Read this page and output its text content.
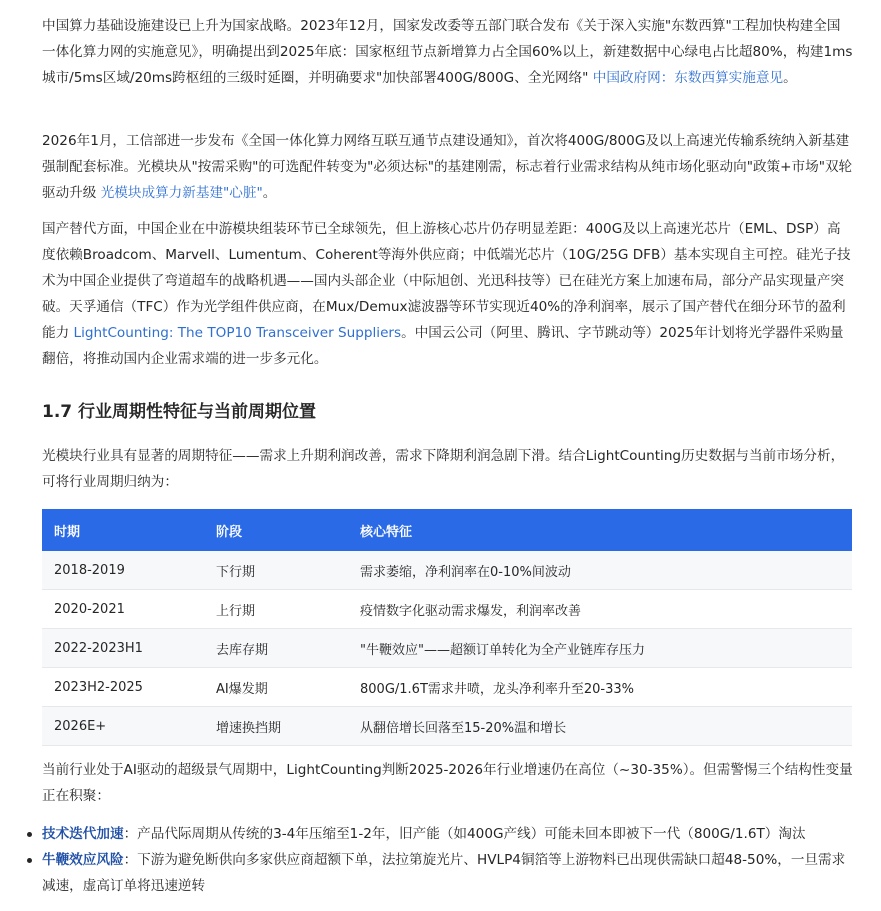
中国算力基础设施建设已上升为国家战略。2023年12月，国家发改委等五部门联合发布《关于深入实施"东数西算"工程加快构建全国一体化算力网的实施意见》，明确提出到2025年底：国家枢纽节点新增算力占全国60%以上，新建数据中心绿电占比超80%，构建1ms城市/5ms区域/20ms跨枢纽的三级时延圈，并明确要求"加快部署400G/800G、全光网络" 中国政府网：东数西算实施意见。

2026年1月，工信部进一步发布《全国一体化算力网络互联互通节点建设通知》，首次将400G/800G及以上高速光传输系统纳入新基建强制配套标准。光模块从"按需采购"的可选配件转变为"必须达标"的基建刚需，标志着行业需求结构从纯市场化驱动向"政策+市场"双轮驱动升级 光模块成算力新基建"心脏"。

国产替代方面，中国企业在中游模块组装环节已全球领先，但上游核心芯片仍存明显差距：400G及以上高速光芯片（EML、DSP）高度依赖Broadcom、Marvell、Lumentum、Coherent等海外供应商；中低端光芯片（10G/25G DFB）基本实现自主可控。硅光子技术为中国企业提供了弯道超车的战略机遇——国内头部企业（中际旭创、光迅科技等）已在硅光方案上加速布局，部分产品实现量产突破。天孚通信（TFC）作为光学组件供应商，在Mux/Demux滤波器等环节实现近40%的净利润率，展示了国产替代在细分环节的盈利能力 LightCounting: The TOP10 Transceiver Suppliers。中国云公司（阿里、腾讯、字节跳动等）2025年计划将光学器件采购量翻倍，将推动国内企业需求端的进一步多元化。

1.7 行业周期性特征与当前周期位置

光模块行业具有显著的周期特征——需求上升期利润改善，需求下降期利润急剧下滑。结合LightCounting历史数据与当前市场分析，可将行业周期归纳为：

时期	阶段	核心特征
2018-2019	下行期	需求萎缩，净利润率在0-10%间波动
2020-2021	上行期	疫情数字化驱动需求爆发，利润率改善
2022-2023H1	去库存期	"牛鞭效应"——超额订单转化为全产业链库存压力
2023H2-2025	AI爆发期	800G/1.6T需求井喷，龙头净利率升至20-33%
2026E+	增速换挡期	从翻倍增长回落至15-20%温和增长

当前行业处于AI驱动的超级景气周期中，LightCounting判断2025-2026年行业增速仍在高位（~30-35%）。但需警惕三个结构性变量正在积聚：

技术迭代加速：产品代际周期从传统的3-4年压缩至1-2年，旧产能（如400G产线）可能未回本即被下一代（800G/1.6T）淘汰
牛鞭效应风险：下游为避免断供向多家供应商超额下单，法拉第旋光片、HVLP4铜箔等上游物料已出现供需缺口超48-50%，一旦需求减速，虚高订单将迅速逆转
